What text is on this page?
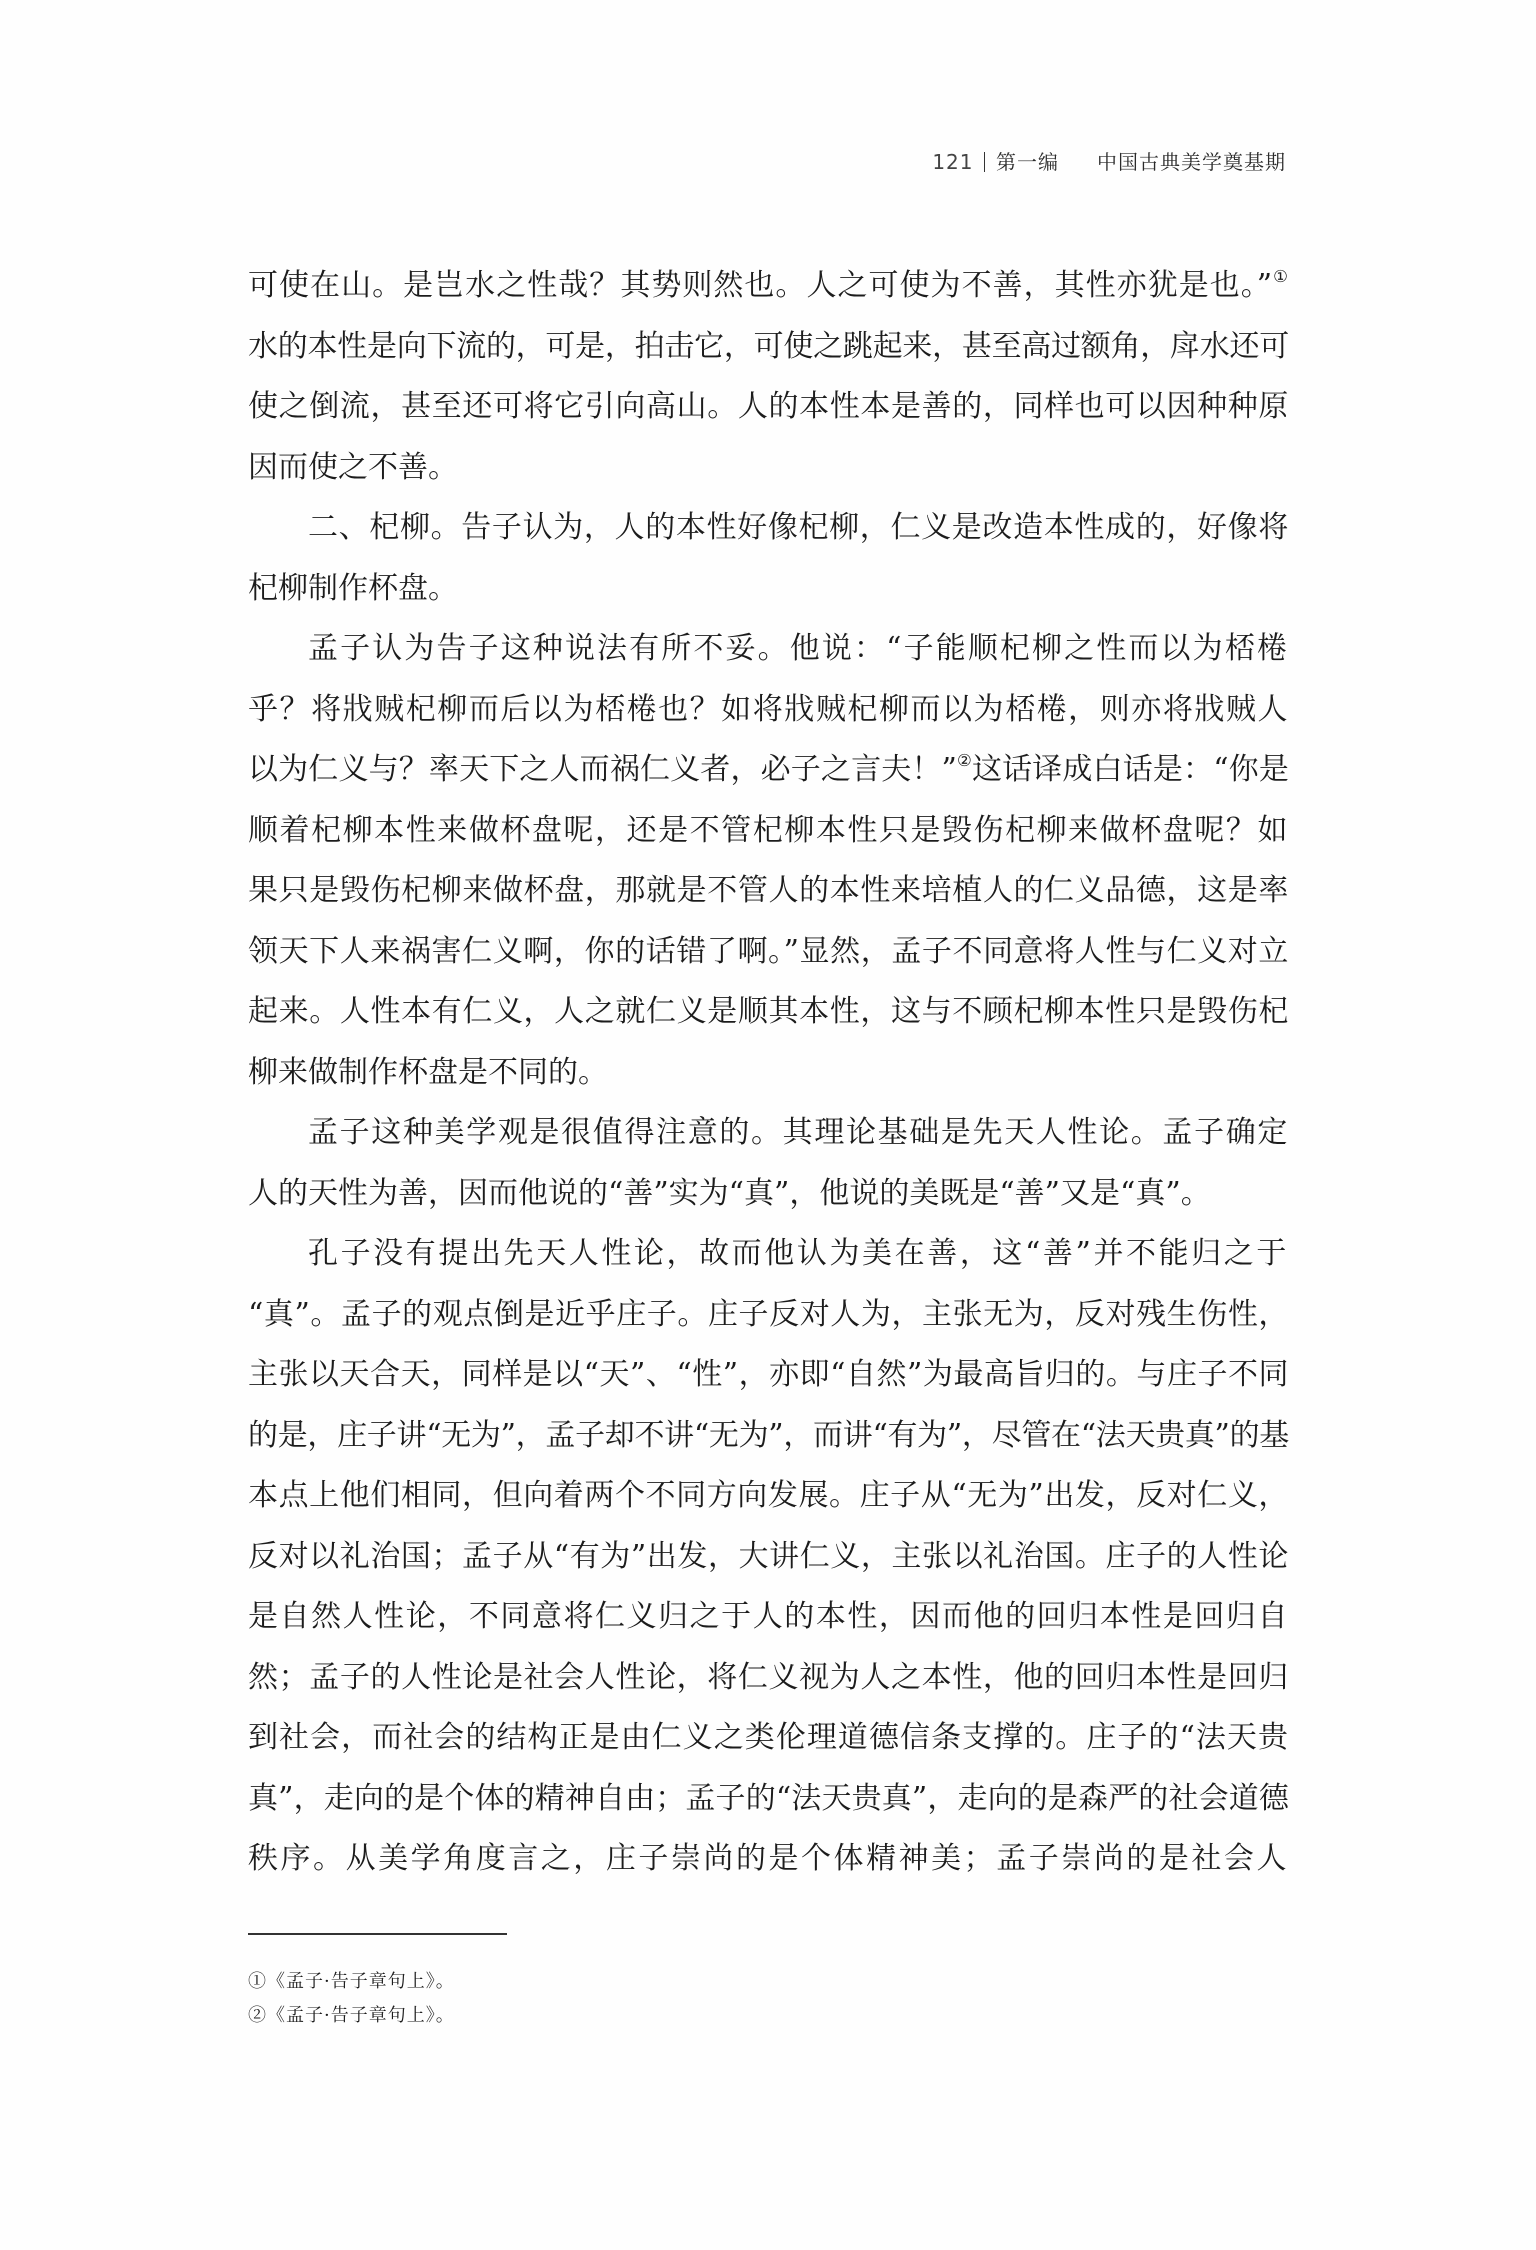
121 第一编 中国古典美学奠基期
可使在山。是岂水之性哉？其势则然也。人之可使为不善，其性亦犹是也。”①
水的本性是向下流的，可是，拍击它，可使之跳起来，甚至高过额角，戽水还可
使之倒流，甚至还可将它引向高山。人的本性本是善的，同样也可以因种种原
因而使之不善。
二、杞柳。告子认为，人的本性好像杞柳，仁义是改造本性成的，好像将
杞柳制作杯盘。
孟子认为告子这种说法有所不妥。他说：“子能顺杞柳之性而以为桮棬
乎？将戕贼杞柳而后以为桮棬也？如将戕贼杞柳而以为桮棬，则亦将戕贼人
以为仁义与？率天下之人而祸仁义者，必子之言夫！”②这话译成白话是：“你是
顺着杞柳本性来做杯盘呢，还是不管杞柳本性只是毁伤杞柳来做杯盘呢？如
果只是毁伤杞柳来做杯盘，那就是不管人的本性来培植人的仁义品德，这是率
领天下人来祸害仁义啊，你的话错了啊。”显然，孟子不同意将人性与仁义对立
起来。人性本有仁义，人之就仁义是顺其本性，这与不顾杞柳本性只是毁伤杞
柳来做制作杯盘是不同的。
孟子这种美学观是很值得注意的。其理论基础是先天人性论。孟子确定
人的天性为善，因而他说的“善”实为“真”，他说的美既是“善”又是“真”。
孔子没有提出先天人性论，故而他认为美在善，这“善”并不能归之于
“真”。孟子的观点倒是近乎庄子。庄子反对人为，主张无为，反对残生伤性，
主张以天合天，同样是以“天”、“性”，亦即“自然”为最高旨归的。与庄子不同
的是，庄子讲“无为”，孟子却不讲“无为”，而讲“有为”，尽管在“法天贵真”的基
本点上他们相同，但向着两个不同方向发展。庄子从“无为”出发，反对仁义，
反对以礼治国；孟子从“有为”出发，大讲仁义，主张以礼治国。庄子的人性论
是自然人性论，不同意将仁义归之于人的本性，因而他的回归本性是回归自
然；孟子的人性论是社会人性论，将仁义视为人之本性，他的回归本性是回归
到社会，而社会的结构正是由仁义之类伦理道德信条支撑的。庄子的“法天贵
真”，走向的是个体的精神自由；孟子的“法天贵真”，走向的是森严的社会道德
秩序。从美学角度言之，庄子崇尚的是个体精神美；孟子崇尚的是社会人
①《孟子·告子章句上》。
②《孟子·告子章句上》。
